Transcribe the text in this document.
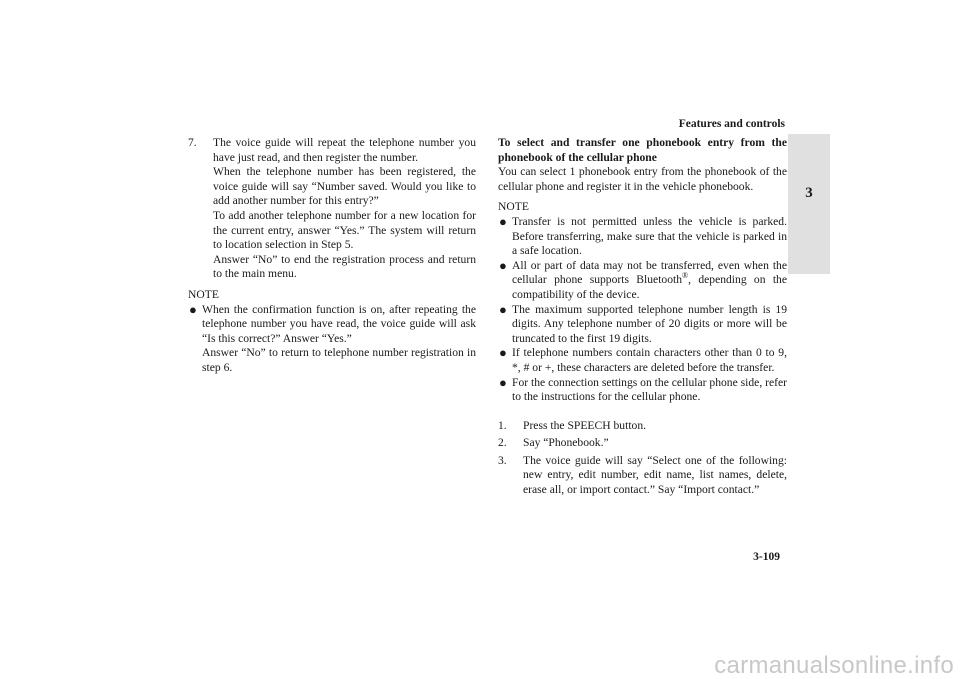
Features and controls
3
7. The voice guide will repeat the telephone number you have just read, and then register the number.

When the telephone number has been registered, the voice guide will say “Number saved. Would you like to add another number for this entry?”

To add another telephone number for a new location for the current entry, answer “Yes.” The system will return to location selection in Step 5.

Answer “No” to end the registration process and return to the main menu.

NOTE

● When the confirmation function is on, after repeating the telephone number you have read, the voice guide will ask “Is this correct?” Answer “Yes.”

Answer “No” to return to telephone number registration in step 6.

To select and transfer one phonebook entry from the phonebook of the cellular phone

You can select 1 phonebook entry from the phonebook of the cellular phone and register it in the vehicle phonebook.

NOTE

● Transfer is not permitted unless the vehicle is parked. Before transferring, make sure that the vehicle is parked in a safe location.

● All or part of data may not be transferred, even when the cellular phone supports Bluetooth®, depending on the compatibility of the device.

● The maximum supported telephone number length is 19 digits. Any telephone number of 20 digits or more will be truncated to the first 19 digits.

● If telephone numbers contain characters other than 0 to 9, *, # or +, these characters are deleted before the transfer.

● For the connection settings on the cellular phone side, refer to the instructions for the cellular phone.

1. Press the SPEECH button.
2. Say “Phonebook.”
3. The voice guide will say “Select one of the following: new entry, edit number, edit name, list names, delete, erase all, or import contact.” Say “Import contact.”
3-109
carmanualsonline.info
